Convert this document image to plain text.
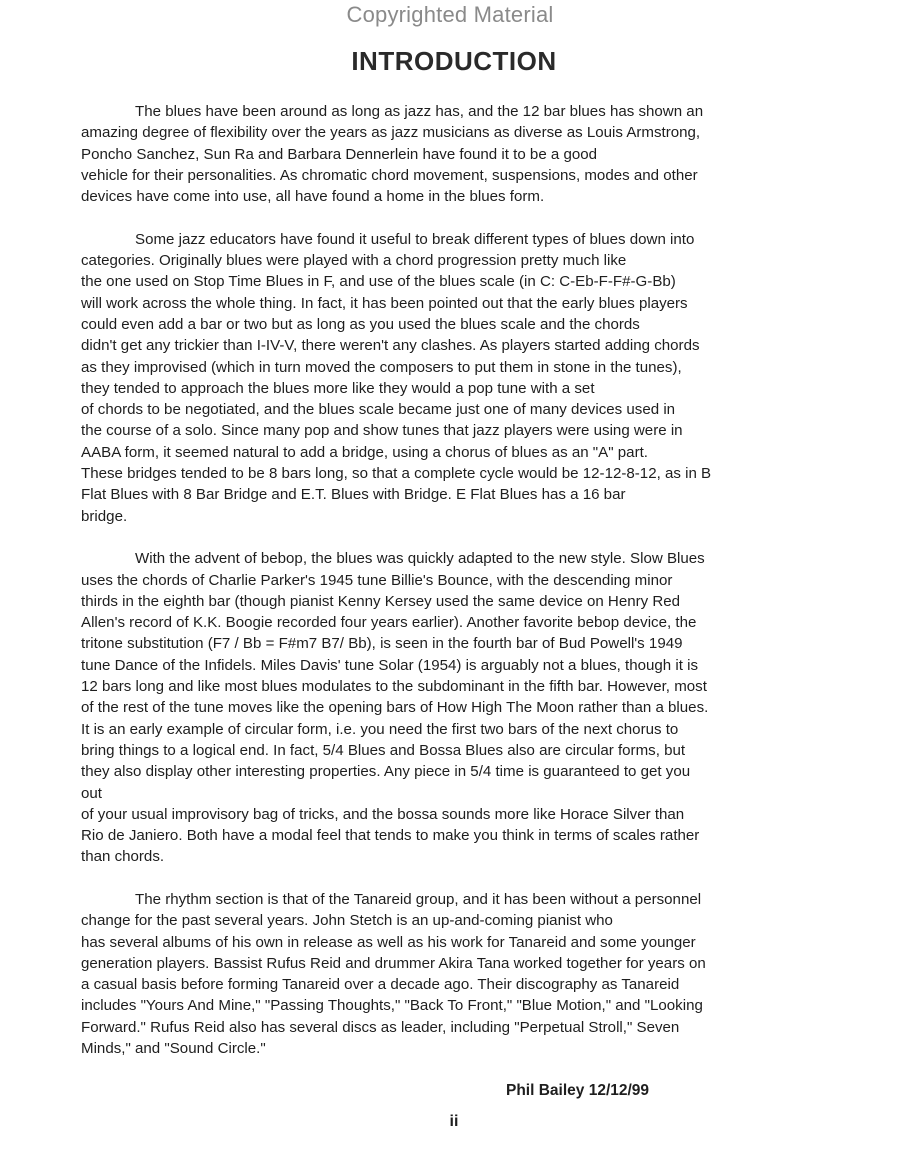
Copyrighted Material
INTRODUCTION
The blues have been around as long as jazz has, and the 12 bar blues has shown an
amazing degree of flexibility over the years as jazz musicians as diverse as Louis Armstrong,
Poncho Sanchez, Sun Ra and Barbara Dennerlein have found it to be a good
vehicle for their personalities. As chromatic chord movement, suspensions, modes and other
devices have come into use, all have found a home in the blues form.
Some jazz educators have found it useful to break different types of blues down into
categories. Originally blues were played with a chord progression pretty much like
the one used on Stop Time Blues in F, and use of the blues scale (in C: C-Eb-F-F#-G-Bb)
will work across the whole thing. In fact, it has been pointed out that the early blues players
could even add a bar or two but as long as you used the blues scale and the chords
didn't get any trickier than I-IV-V, there weren't any clashes. As players started adding chords
as they improvised (which in turn moved the composers to put them in stone in the tunes),
they tended to approach the blues more like they would a pop tune with a set
of chords to be negotiated, and the blues scale became just one of many devices used in
the course of a solo. Since many pop and show tunes that jazz players were using were in
AABA form, it seemed natural to add a bridge, using a chorus of blues as an "A" part.
These bridges tended to be 8 bars long, so that a complete cycle would be 12-12-8-12, as in B
Flat Blues with 8 Bar Bridge and E.T. Blues with Bridge. E Flat Blues has a 16 bar
bridge.
With the advent of bebop, the blues was quickly adapted to the new style. Slow Blues
uses the chords of Charlie Parker's 1945 tune Billie's Bounce, with the descending minor
thirds in the eighth bar (though pianist Kenny Kersey used the same device on Henry Red
Allen's record of K.K. Boogie recorded four years earlier). Another favorite bebop device, the
tritone substitution (F7 / Bb = F#m7 B7/ Bb), is seen in the fourth bar of Bud Powell's 1949
tune Dance of the Infidels. Miles Davis' tune Solar (1954) is arguably not a blues, though it is
12 bars long and like most blues modulates to the subdominant in the fifth bar. However, most
of the rest of the tune moves like the opening bars of How High The Moon rather than a blues.
It is an early example of circular form, i.e. you need the first two bars of the next chorus to
bring things to a logical end. In fact, 5/4 Blues and Bossa Blues also are circular forms, but
they also display other interesting properties. Any piece in 5/4 time is guaranteed to get you
out
of your usual improvisory bag of tricks, and the bossa sounds more like Horace Silver than
Rio de Janiero. Both have a modal feel that tends to make you think in terms of scales rather
than chords.
The rhythm section is that of the Tanareid group, and it has been without a personnel
change for the past several years. John Stetch is an up-and-coming pianist who
has several albums of his own in release as well as his work for Tanareid and some younger
generation players. Bassist Rufus Reid and drummer Akira Tana worked together for years on
a casual basis before forming Tanareid over a decade ago. Their discography as Tanareid
includes "Yours And Mine," "Passing Thoughts," "Back To Front," "Blue Motion," and "Looking
Forward." Rufus Reid also has several discs as leader, including "Perpetual Stroll," Seven
Minds," and "Sound Circle."
Phil Bailey 12/12/99
ii
